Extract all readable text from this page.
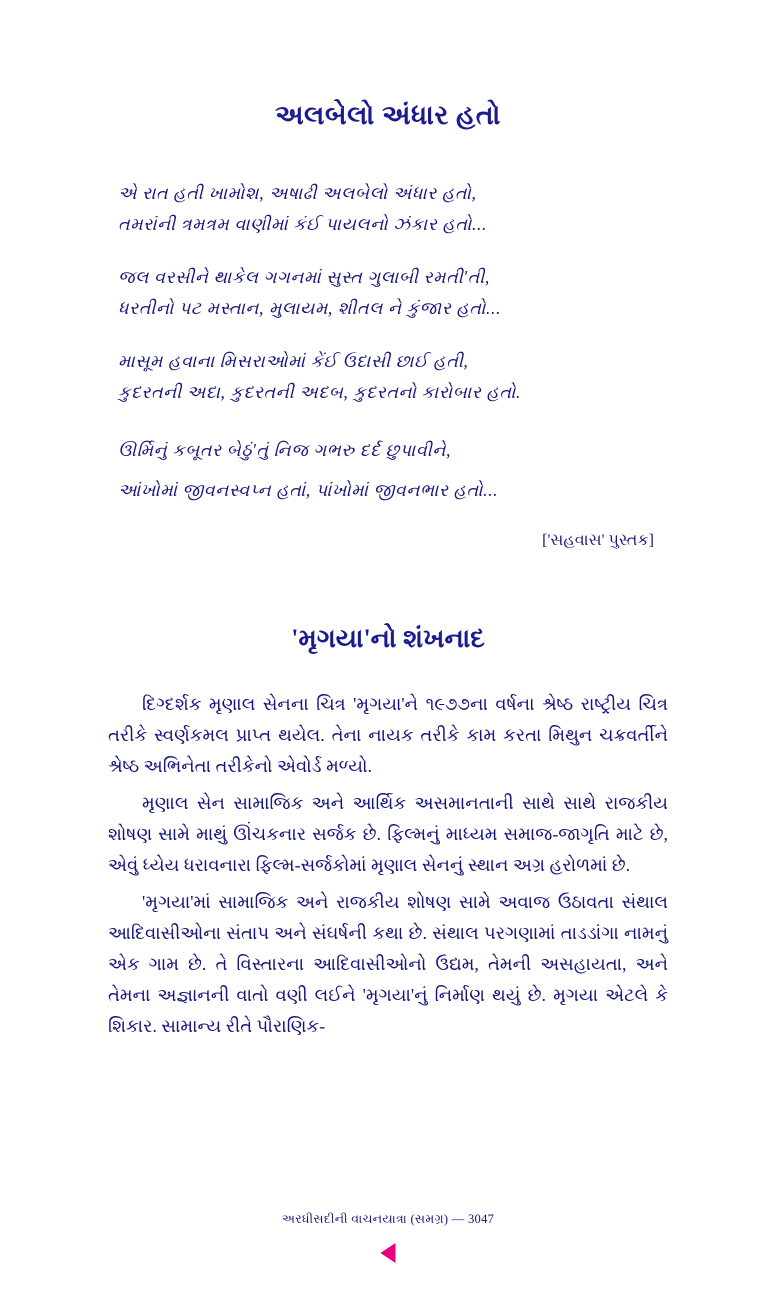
અલબેલો અંધાર હતો
એ રાત હતી ખામોશ, અષાઢી અલબેલો અંધાર હતો,
તમરાંની ત્રમત્રમ વાણીમાં કંઈ પાયલનો ઝંકાર હતો...
જલ વરસીને થાકેલ ગગનમાં સુસ્ત ગુલાબી રમતી'તી,
ધરતીનો પટ મસ્તાન, મુલાયમ, શીતલ ને કુંજાર હતો...
માસૂમ હવાના મિસરાઓમાં કેંઈ ઉદાસી છાઈ હતી,
કુદરતની અદા, કુદરતની અદબ, કુદરતનો કારોબાર હતો.
ઊર્મિનું કબૂતર બેઠું'તું નિજ ગભરુ દર્દ છુપાવીને,
આંખોમાં જીવનસ્વપ્ન હતાં, પાંખોમાં જીવનભાર હતો...
['સહવાસ' પુસ્તક]
'મૃગયા'નો શંખનાદ

દિગ્દર્શક મૃણાલ સેનના ચિત્ર 'મૃગયા'ને ૧૯૭૭ના વર્ષના શ્રેષ્ઠ રાષ્ટ્રીય ચિત્ર તરીકે સ્વર્ણકમલ પ્રાપ્ત થયેલ. તેના નાયક તરીકે કામ કરતા મિથુન ચક્રવર્તીને શ્રેષ્ઠ અભિનેતા તરીકેનો એવોર્ડ મળ્યો.

મૃણાલ સેન સામાજિક અને આર્થિક અસમાનતાની સાથે સાથે રાજકીય શોષણ સામે માથું ઊંચકનાર સર્જક છે. ફિલ્મનું માધ્યમ સમાજ-જાગૃતિ માટે છે, એવું ધ્યેય ધરાવનારા ફિલ્મ-સર્જકોમાં મૃણાલ સેનનું સ્થાન અગ્ર હરોળમાં છે.

'મૃગયા'માં સામાજિક અને રાજકીય શોષણ સામે અવાજ ઉઠાવતા સંથાલ આદિવાસીઓના સંતાપ અને સંઘર્ષની કથા છે. સંથાલ પરગણામાં તાડડાંગા નામનું એક ગામ છે. તે વિસ્તારના આદિવાસીઓનો ઉદ્યમ, તેમની અસહાયતા, અને તેમના અજ્ઞાનની વાતો વણી લઈને 'મૃગયા'નું નિર્માણ થયું છે. મૃગયા એટલે કે શિકાર. સામાન્ય રીતે પૌરાણિક-

અરધીસદીની વાચનયાત્રા (સમગ્ર) — 3047
